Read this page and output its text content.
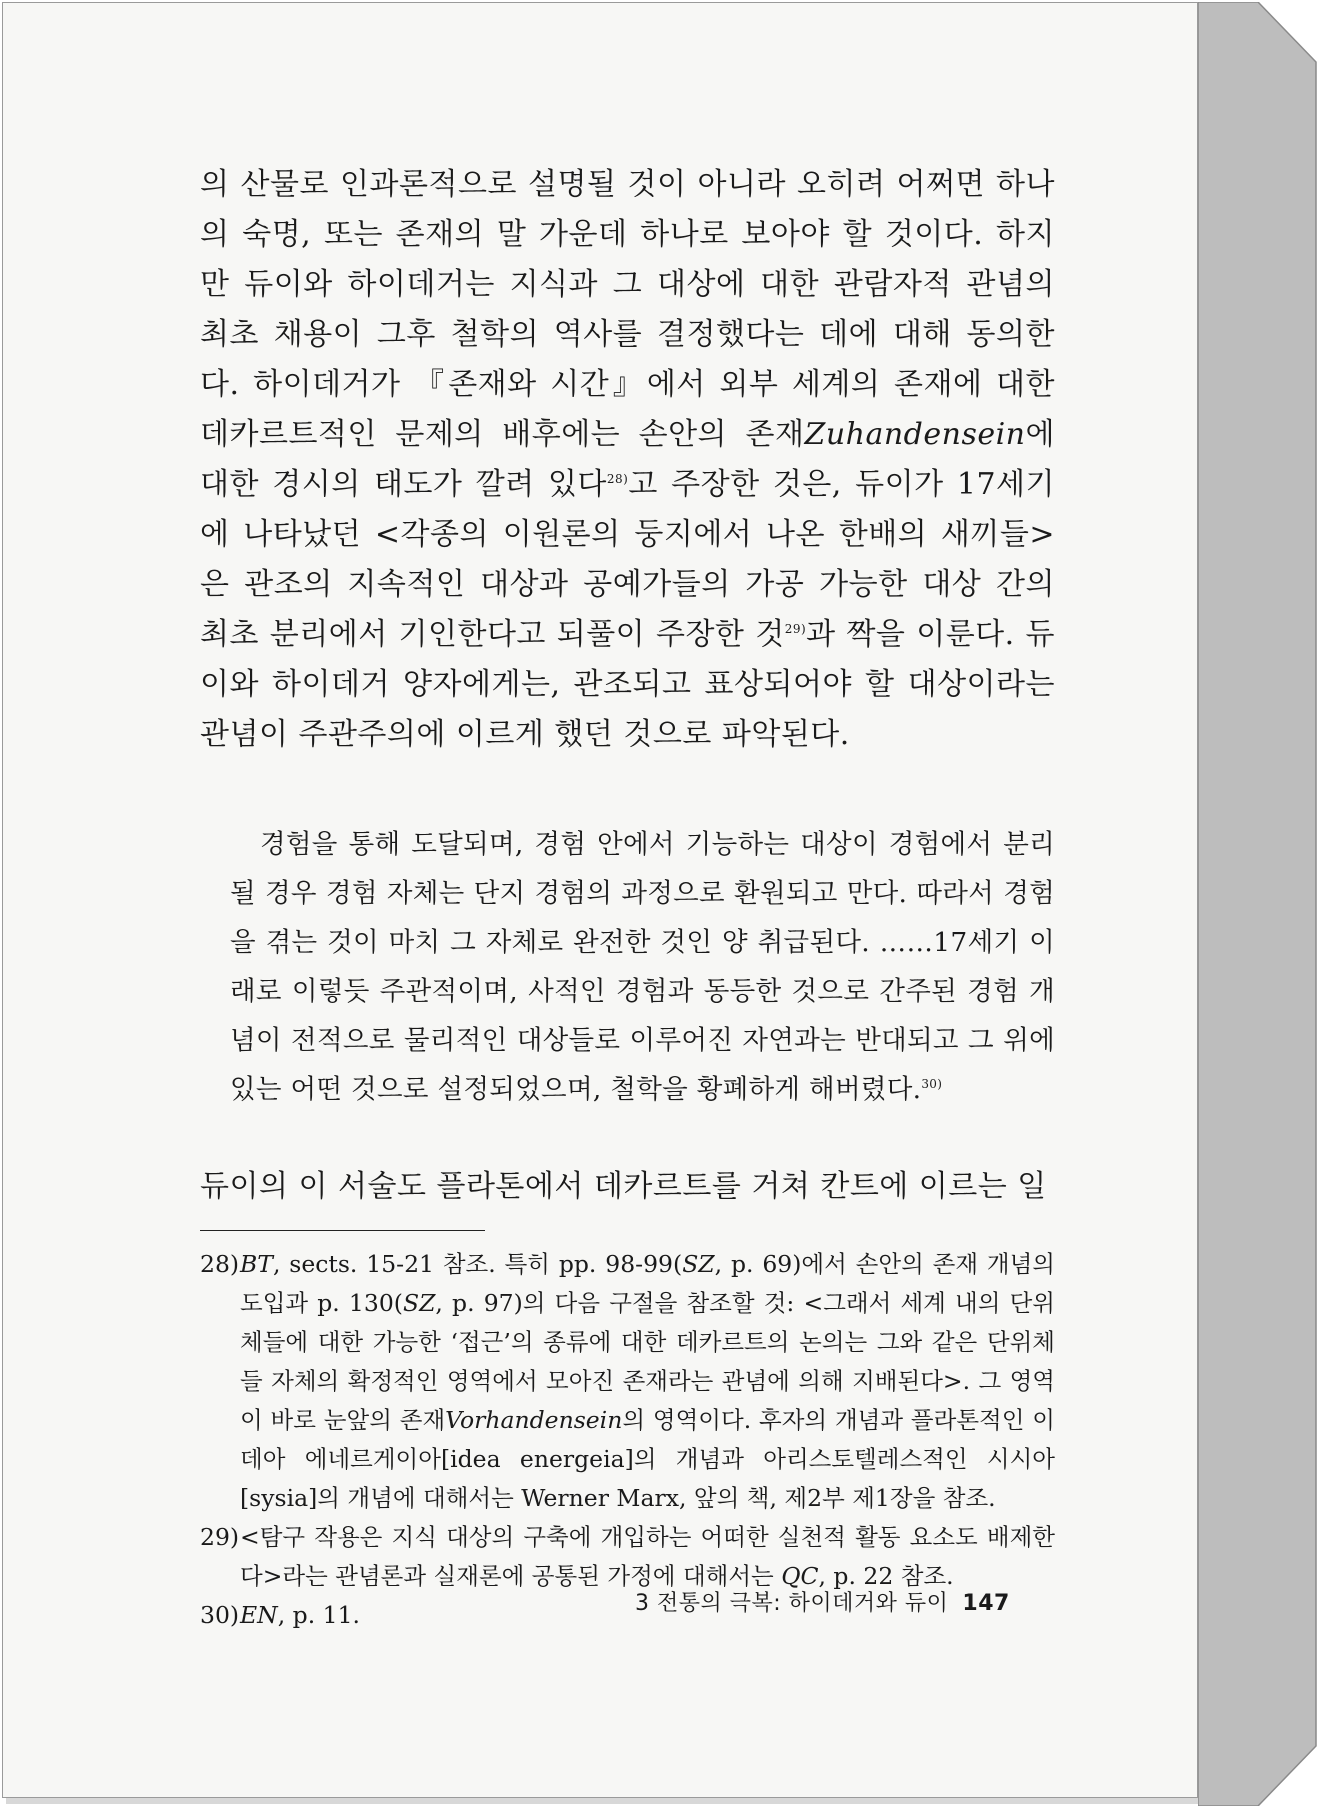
의 산물로 인과론적으로 설명될 것이 아니라 오히려 어쩌면 하나의 숙명, 또는 존재의 말 가운데 하나로 보아야 할 것이다. 하지만 듀이와 하이데거는 지식과 그 대상에 대한 관람자적 관념의 최초 채용이 그후 철학의 역사를 결정했다는 데에 대해 동의한다. 하이데거가 『존재와 시간』에서 외부 세계의 존재에 대한 데카르트적인 문제의 배후에는 손안의 존재Zuhandensein에 대한 경시의 태도가 깔려 있다$^{28)}$고 주장한 것은, 듀이가 17세기에 나타났던 <각종의 이원론의 둥지에서 나온 한배의 새끼들>은 관조의 지속적인 대상과 공예가들의 가공 가능한 대상 간의 최초 분리에서 기인한다고 되풀이 주장한 것$^{29)}$과 짝을 이룬다. 듀이와 하이데거 양자에게는, 관조되고 표상되어야 할 대상이라는 관념이 주관주의에 이르게 했던 것으로 파악된다.

경험을 통해 도달되며, 경험 안에서 기능하는 대상이 경험에서 분리될 경우 경험 자체는 단지 경험의 과정으로 환원되고 만다. 따라서 경험을 겪는 것이 마치 그 자체로 완전한 것인 양 취급된다. ……17세기 이래로 이렇듯 주관적이며, 사적인 경험과 동등한 것으로 간주된 경험 개념이 전적으로 물리적인 대상들로 이루어진 자연과는 반대되고 그 위에 있는 어떤 것으로 설정되었으며, 철학을 황폐하게 해버렸다.$^{30)}$

듀이의 이 서술도 플라톤에서 데카르트를 거쳐 칸트에 이르는 일

28) BT, sects. 15-21 참조. 특히 pp. 98-99(SZ, p. 69)에서 손안의 존재 개념의 도입과 p. 130(SZ, p. 97)의 다음 구절을 참조할 것: <그래서 세계 내의 단위체들에 대한 가능한 ‘접근’의 종류에 대한 데카르트의 논의는 그와 같은 단위체들 자체의 확정적인 영역에서 모아진 존재라는 관념에 의해 지배된다>. 그 영역이 바로 눈앞의 존재Vorhandensein의 영역이다. 후자의 개념과 플라톤적인 이데아 에네르게이아[idea energeia]의 개념과 아리스토텔레스적인 시시아[sysia]의 개념에 대해서는 Werner Marx, 앞의 책, 제2부 제1장을 참조.
29) <탐구 작용은 지식 대상의 구축에 개입하는 어떠한 실천적 활동 요소도 배제한다>라는 관념론과 실재론에 공통된 가정에 대해서는 QC, p. 22 참조.
30) EN, p. 11.	3 전통의 극복: 하이데거와 듀이 147
